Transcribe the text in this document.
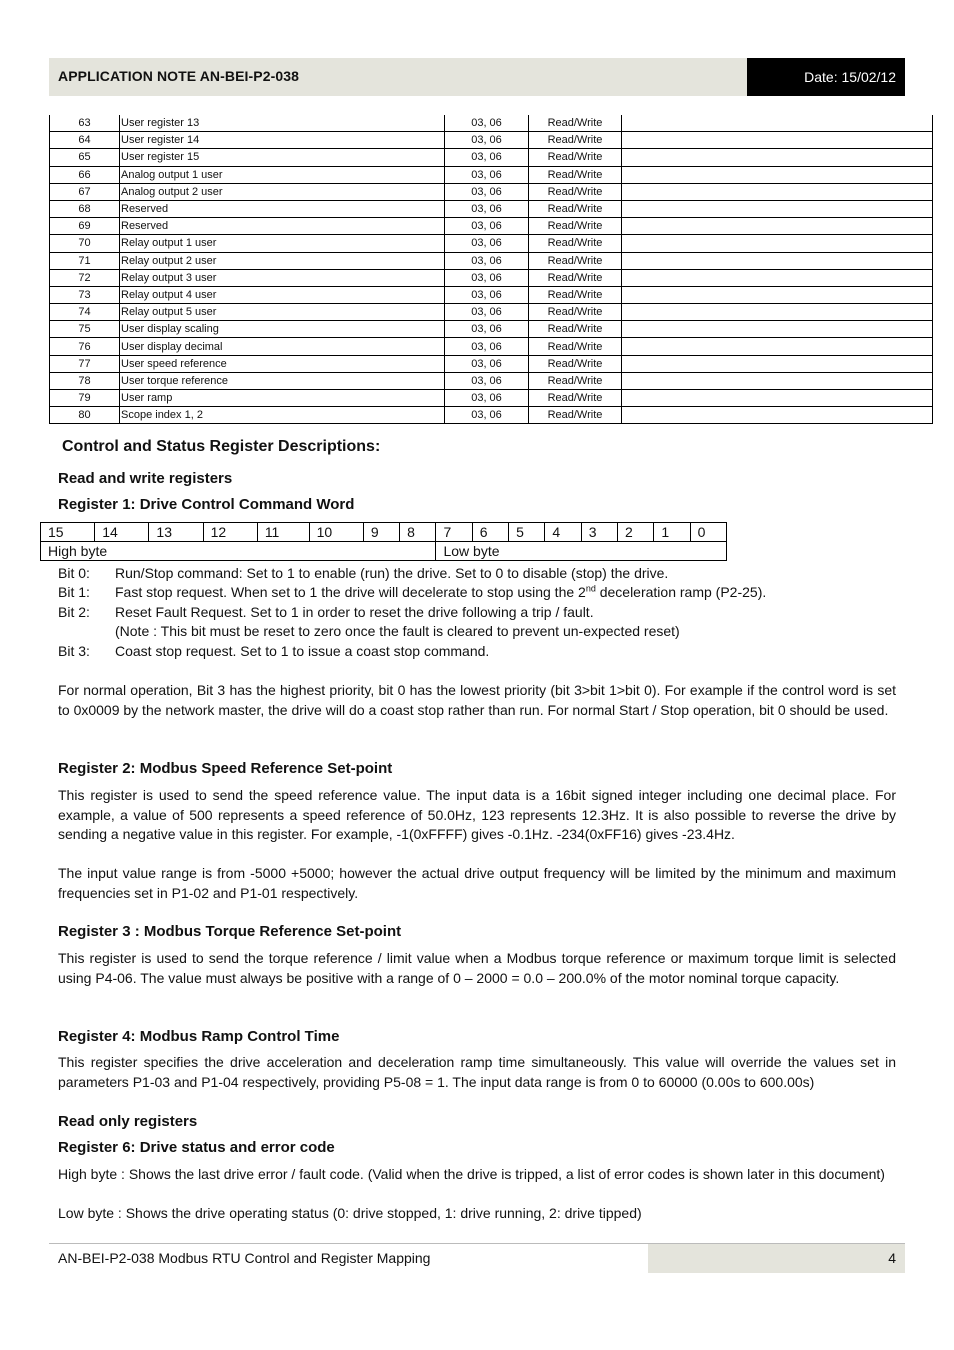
APPLICATION NOTE AN-BEI-P2-038	Date: 15/02/12
63	User register 13	03, 06	Read/Write	
64	User register 14	03, 06	Read/Write	
65	User register 15	03, 06	Read/Write	
66	Analog output 1 user	03, 06	Read/Write	
67	Analog output 2 user	03, 06	Read/Write	
68	Reserved	03, 06	Read/Write	
69	Reserved	03, 06	Read/Write	
70	Relay output 1 user	03, 06	Read/Write	
71	Relay output 2 user	03, 06	Read/Write	
72	Relay output 3 user	03, 06	Read/Write	
73	Relay output 4 user	03, 06	Read/Write	
74	Relay output 5 user	03, 06	Read/Write	
75	User display scaling	03, 06	Read/Write	
76	User display decimal	03, 06	Read/Write	
77	User speed reference	03, 06	Read/Write	
78	User torque reference	03, 06	Read/Write	
79	User ramp	03, 06	Read/Write	
80	Scope index 1, 2	03, 06	Read/Write	
Control and Status Register Descriptions:
Read and write registers
Register 1: Drive Control Command Word
15	14	13	12	11	10	9	8	7	6	5	4	3	2	1	0
High byte								Low byte							
Bit 0: Run/Stop command: Set to 1 to enable (run) the drive. Set to 0 to disable (stop) the drive.
Bit 1: Fast stop request. When set to 1 the drive will decelerate to stop using the 2nd deceleration ramp (P2-25).
Bit 2: Reset Fault Request. Set to 1 in order to reset the drive following a trip / fault.
(Note : This bit must be reset to zero once the fault is cleared to prevent un-expected reset)
Bit 3: Coast stop request. Set to 1 to issue a coast stop command.
For normal operation, Bit 3 has the highest priority, bit 0 has the lowest priority (bit 3>bit 1>bit 0). For example if the control word is set to 0x0009 by the network master, the drive will do a coast stop rather than run. For normal Start / Stop operation, bit 0 should be used.
Register 2: Modbus Speed Reference Set-point
This register is used to send the speed reference value. The input data is a 16bit signed integer including one decimal place. For example, a value of 500 represents a speed reference of 50.0Hz, 123 represents 12.3Hz. It is also possible to reverse the drive by sending a negative value in this register. For example, -1(0xFFFF) gives -0.1Hz. -234(0xFF16) gives -23.4Hz.
The input value range is from -5000 +5000; however the actual drive output frequency will be limited by the minimum and maximum frequencies set in P1-02 and P1-01 respectively.
Register 3 : Modbus Torque Reference Set-point
This register is used to send the torque reference / limit value when a Modbus torque reference or maximum torque limit is selected using P4-06. The value must always be positive with a range of 0 – 2000 = 0.0 – 200.0% of the motor nominal torque capacity.
Register 4: Modbus Ramp Control Time
This register specifies the drive acceleration and deceleration ramp time simultaneously. This value will override the values set in parameters P1-03 and P1-04 respectively, providing P5-08 = 1. The input data range is from 0 to 60000 (0.00s to 600.00s)
Read only registers
Register 6: Drive status and error code
High byte : Shows the last drive error / fault code. (Valid when the drive is tripped, a list of error codes is shown later in this document)
Low byte : Shows the drive operating status (0: drive stopped, 1: drive running, 2: drive tipped)
AN-BEI-P2-038 Modbus RTU Control and Register Mapping	4
